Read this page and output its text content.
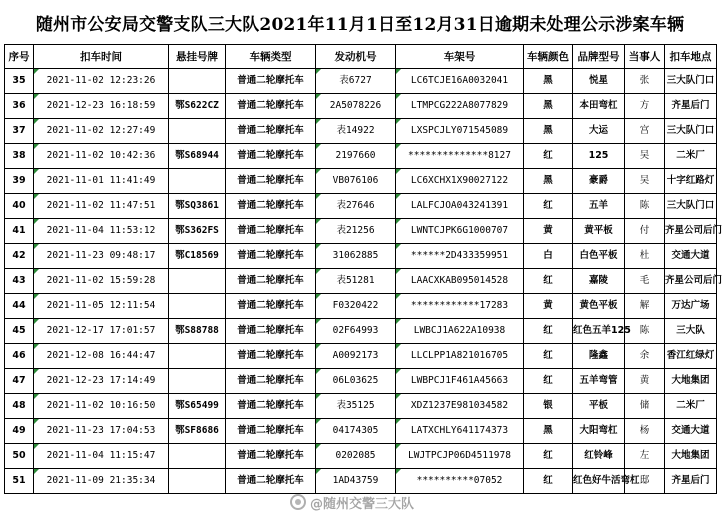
随州市公安局交警支队三大队2021年11月1日至12月31日逾期未处理公示涉案车辆
序号	扣车时间	悬挂号牌	车辆类型	发动机号	车架号	车辆颜色	品牌型号	当事人	扣车地点
35	2021-11-02 12:23:26		普通二轮摩托车	表6727	LC6TCJE16A0032041	黑	悦星	张	三大队门口
36	2021-12-23 16:18:59	鄂S622CZ	普通二轮摩托车	2A5078226	LTMPCG222A8077829	黑	本田弯杠	方	齐星后门
37	2021-11-02 12:27:49		普通二轮摩托车	表14922	LXSPCJLY071545089	黑	大运	宫	三大队门口
38	2021-11-02 10:42:36	鄂S68944	普通二轮摩托车	2197660	**************8127	红	125	吴	二米厂
39	2021-11-01 11:41:49		普通二轮摩托车	VB076106	LC6XCHX1X90027122	黑	豪爵	吴	十字红路灯
40	2021-11-02 11:47:51	鄂SQ3861	普通二轮摩托车	表27646	LALFCJOA043241391	红	五羊	陈	三大队门口
41	2021-11-04 11:53:12	鄂S362FS	普通二轮摩托车	表21256	LWNTCJPK6G1000707	黄	黄平板	付	齐星公司后门
42	2021-11-23 09:48:17	鄂C18569	普通二轮摩托车	31062885	******2D433359951	白	白色平板	杜	交通大道
43	2021-11-02 15:59:28		普通二轮摩托车	表51281	LAACXKAB095014528	红	嘉陵	毛	齐星公司后门
44	2021-11-05 12:11:54		普通二轮摩托车	F0320422	************17283	黄	黄色平板	解	万达广场
45	2021-12-17 17:01:57	鄂S88788	普通二轮摩托车	02F64993	LWBCJ1A622A10938	红	红色五羊125	陈	三大队
46	2021-12-08 16:44:47		普通二轮摩托车	A0092173	LLCLPP1A821016705	红	隆鑫	余	香江红绿灯
47	2021-12-23 17:14:49		普通二轮摩托车	06L03625	LWBPCJ1F461A45663	红	五羊弯管	黄	大地集团
48	2021-11-02 10:16:50	鄂S65499	普通二轮摩托车	表35125	XDZ1237E981034582	银	平板	储	二米厂
49	2021-11-23 17:04:53	鄂SF8686	普通二轮摩托车	04174305	LATXCHLY641174373	黑	大阳弯杠	杨	交通大道
50	2021-11-04 11:15:47		普通二轮摩托车	0202085	LWJTPCJP06D4511978	红	红铃峰	左	大地集团
51	2021-11-09 21:35:34		普通二轮摩托车	1AD43759	**********07052	红	红色好牛活弯杠	邸	齐星后门
@随州交警三大队
